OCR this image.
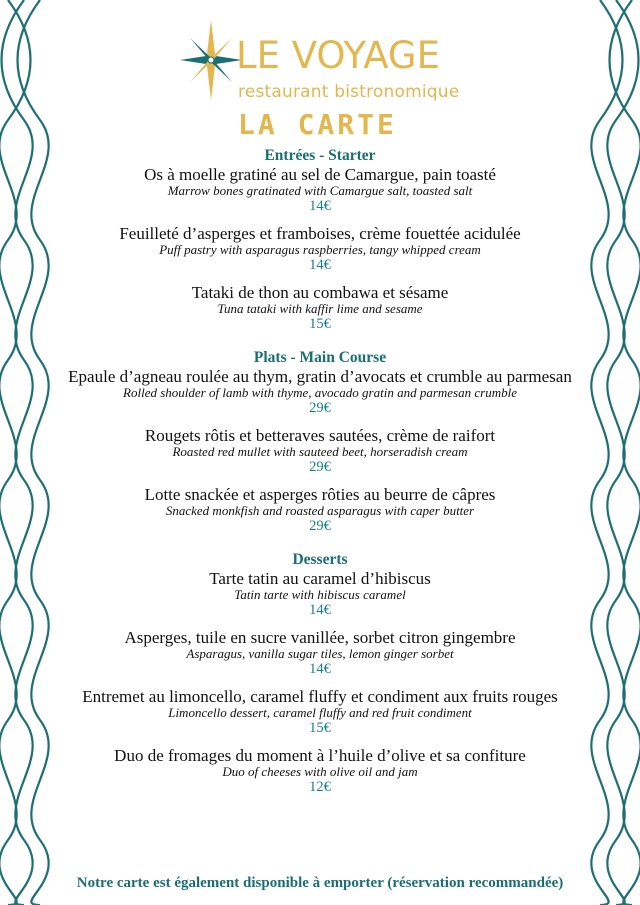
LE VOYAGE
restaurant bistronomique
LA CARTE
Entrées - Starter
Os à moelle gratiné au sel de Camargue, pain toasté
Marrow bones gratinated with Camargue salt, toasted salt
14€
Feuilleté d’asperges et framboises, crème fouettée acidulée
Puff pastry with asparagus raspberries, tangy whipped cream
14€
Tataki de thon au combawa et sésame
Tuna tataki with kaffir lime and sesame
15€
Plats - Main Course
Epaule d’agneau roulée au thym, gratin d’avocats et crumble au parmesan
Rolled shoulder of lamb with thyme, avocado gratin and parmesan crumble
29€
Rougets rôtis et betteraves sautées, crème de raifort
Roasted red mullet with sauteed beet, horseradish cream
29€
Lotte snackée et asperges rôties au beurre de câpres
Snacked monkfish and roasted asparagus with caper butter
29€
Desserts
Tarte tatin au caramel d’hibiscus
Tatin tarte with hibiscus caramel
14€
Asperges, tuile en sucre vanillée, sorbet citron gingembre
Asparagus, vanilla sugar tiles, lemon ginger sorbet
14€
Entremet au limoncello, caramel fluffy et condiment aux fruits rouges
Limoncello dessert, caramel fluffy and red fruit condiment
15€
Duo de fromages du moment à l’huile d’olive et sa confiture
Duo of cheeses with olive oil and jam
12€
Notre carte est également disponible à emporter (réservation recommandée)
